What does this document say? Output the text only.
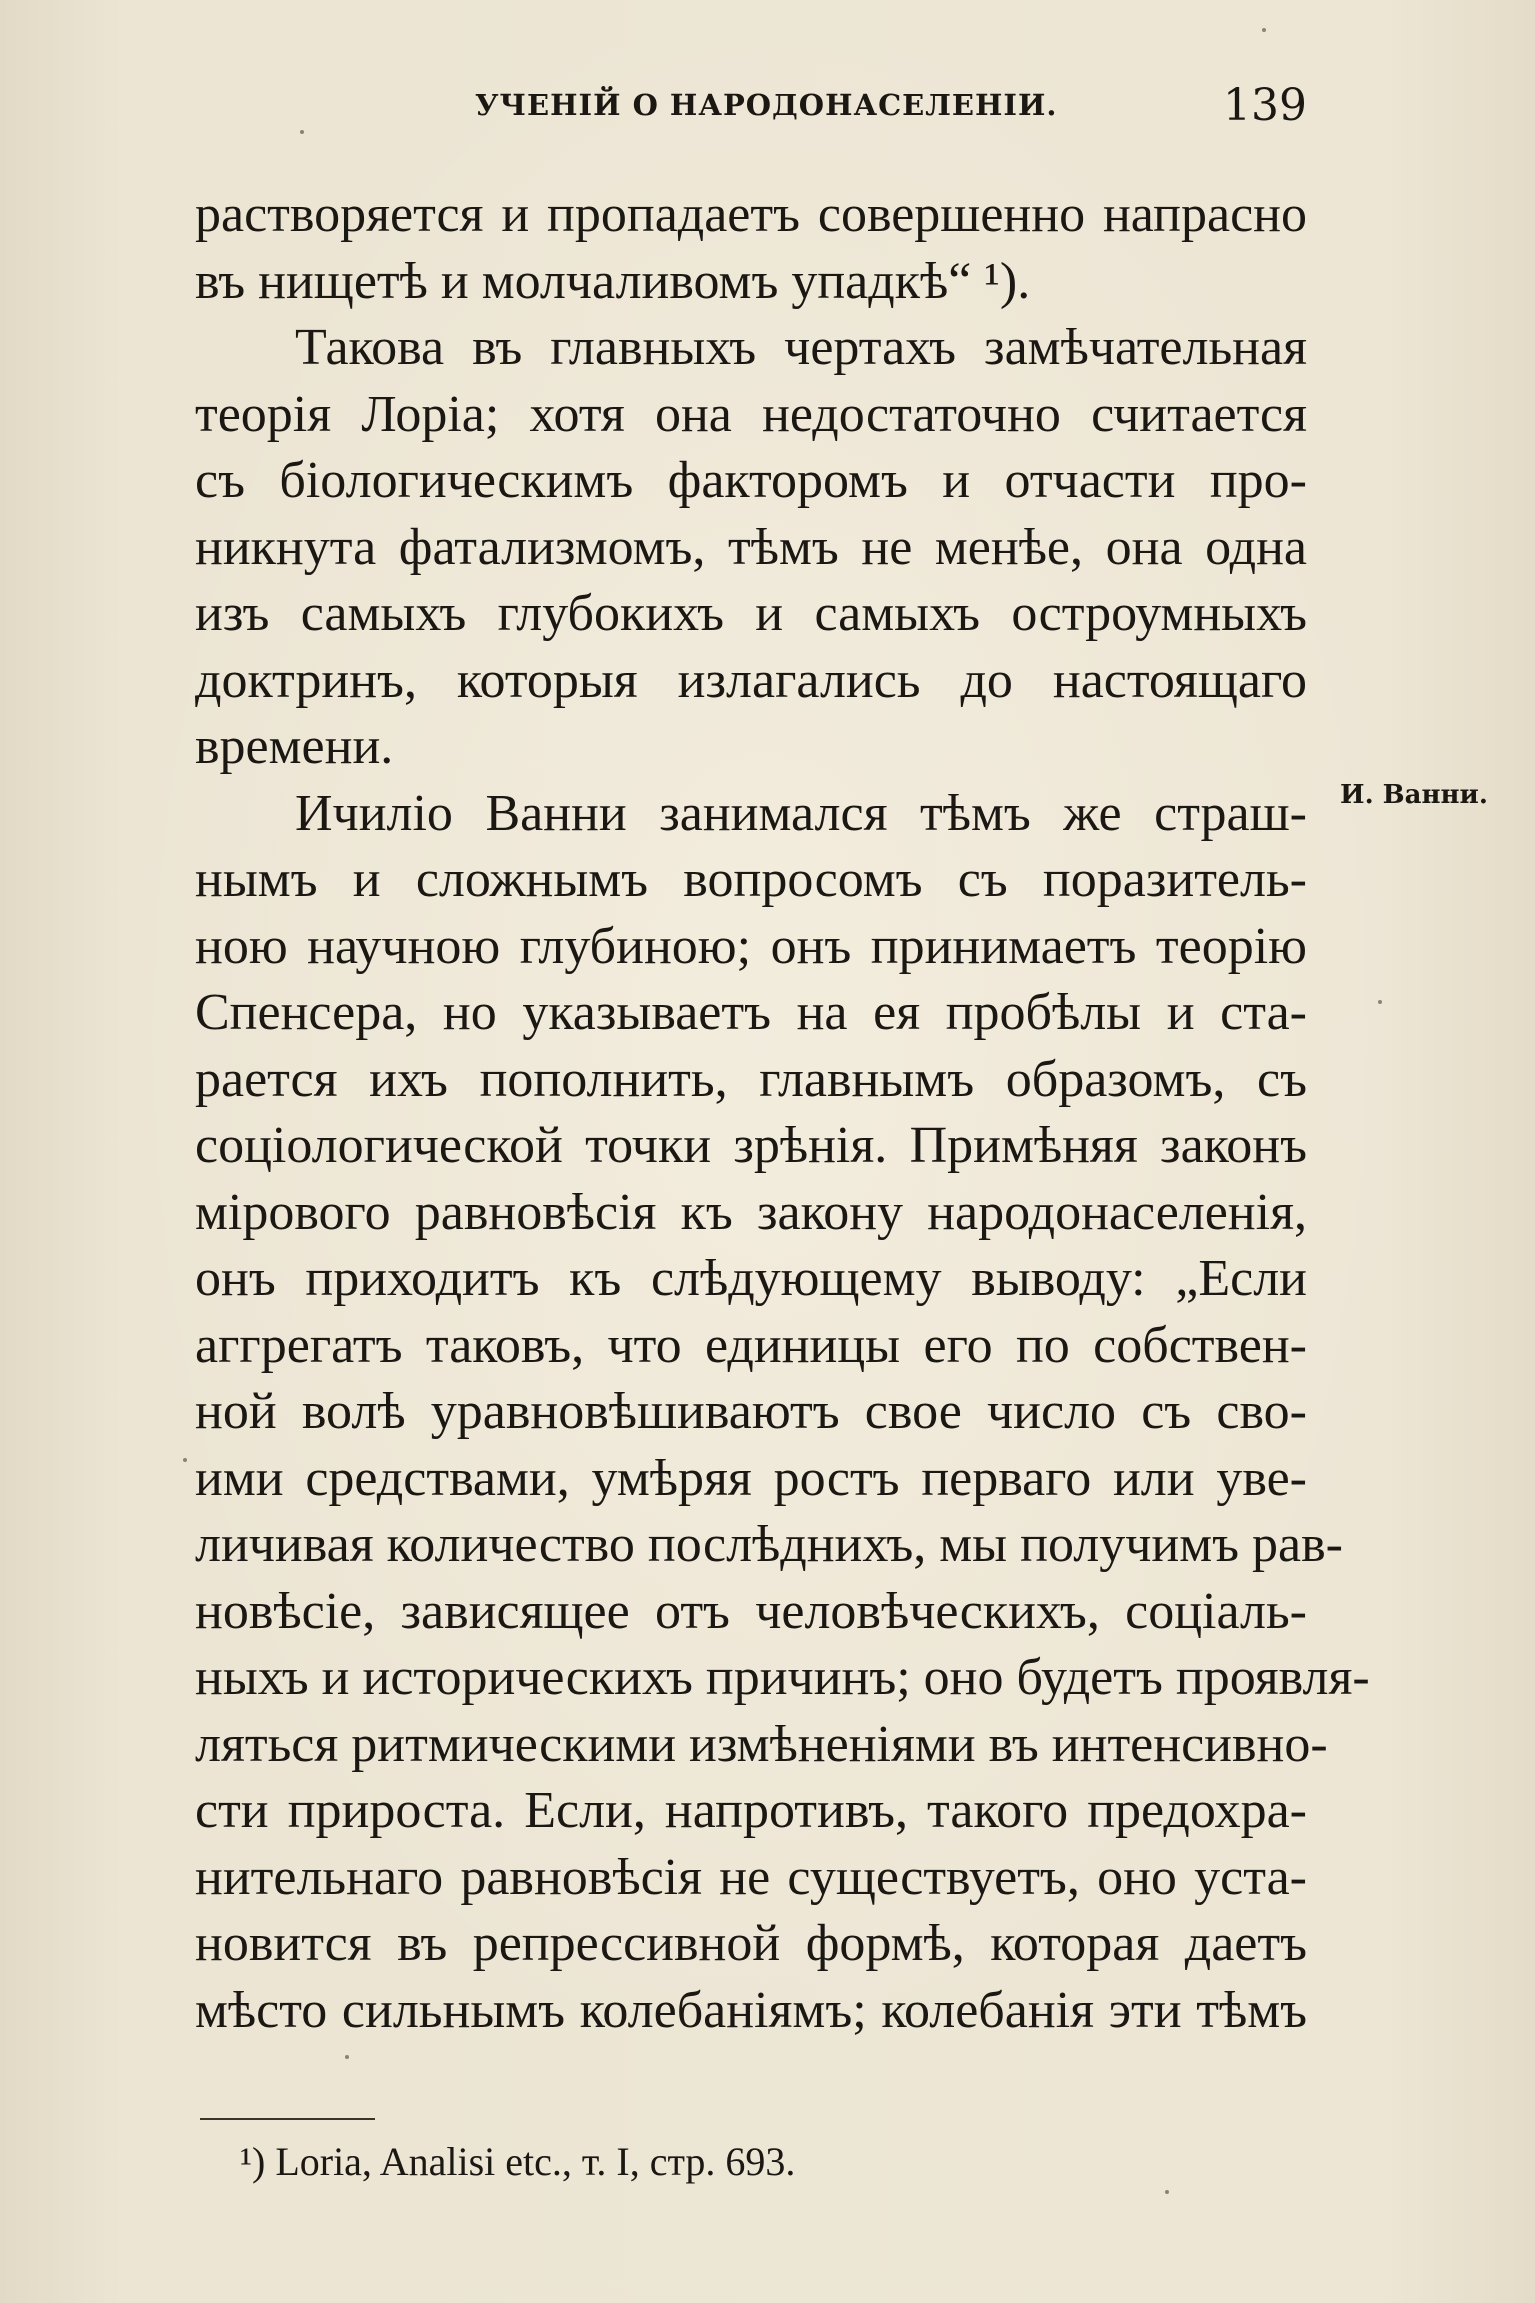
УЧЕНІЙ О НАРОДОНАСЕЛЕНІИ.	139
растворяется и пропадаетъ совершенно напрасно
въ нищетѣ и молчаливомъ упадкѣ“ ¹).
Такова въ главныхъ чертахъ замѣчательная
теорія Лоріа; хотя она недостаточно считается
съ біологическимъ факторомъ и отчасти про-
никнута фатализмомъ, тѣмъ не менѣе, она одна
изъ самыхъ глубокихъ и самыхъ остроумныхъ
доктринъ, которыя излагались до настоящаго
времени.
Ичилio Ванни занимался тѣмъ же страш-
нымъ и сложнымъ вопросомъ съ поразитель-
нoю научною глубиною; онъ принимаетъ теорію
Спенсера, но указываетъ на ея пробѣлы и ста-
рается ихъ пополнить, главнымъ образомъ, съ
соціологической точки зрѣнія. Примѣняя законъ
міpового равновѣсія къ закону народонаселенія,
онъ приходитъ къ слѣдующему выводу: „Если
аггрегатъ таковъ, что единицы его по собствен-
ной волѣ уравновѣшиваютъ свое число съ сво-
ими средствами, умѣряя ростъ перваго или уве-
личивая количество послѣднихъ, мы получимъ рав-
новѣсіе, зависящее отъ человѣческихъ, соціаль-
ныхъ и историческихъ причинъ; оно будетъ проявля-
ляться ритмическими измѣненіями въ интенсивно-
сти прироста. Если, напротивъ, такого предохра-
нительнаго равновѣсія не существуетъ, оно уста-
новится въ репрессивной формѣ, которая даетъ
мѣсто сильнымъ колебаніямъ; колебанія эти тѣмъ
И. Ванни.
¹) Loria, Analisi etc., т. I, стр. 693.
